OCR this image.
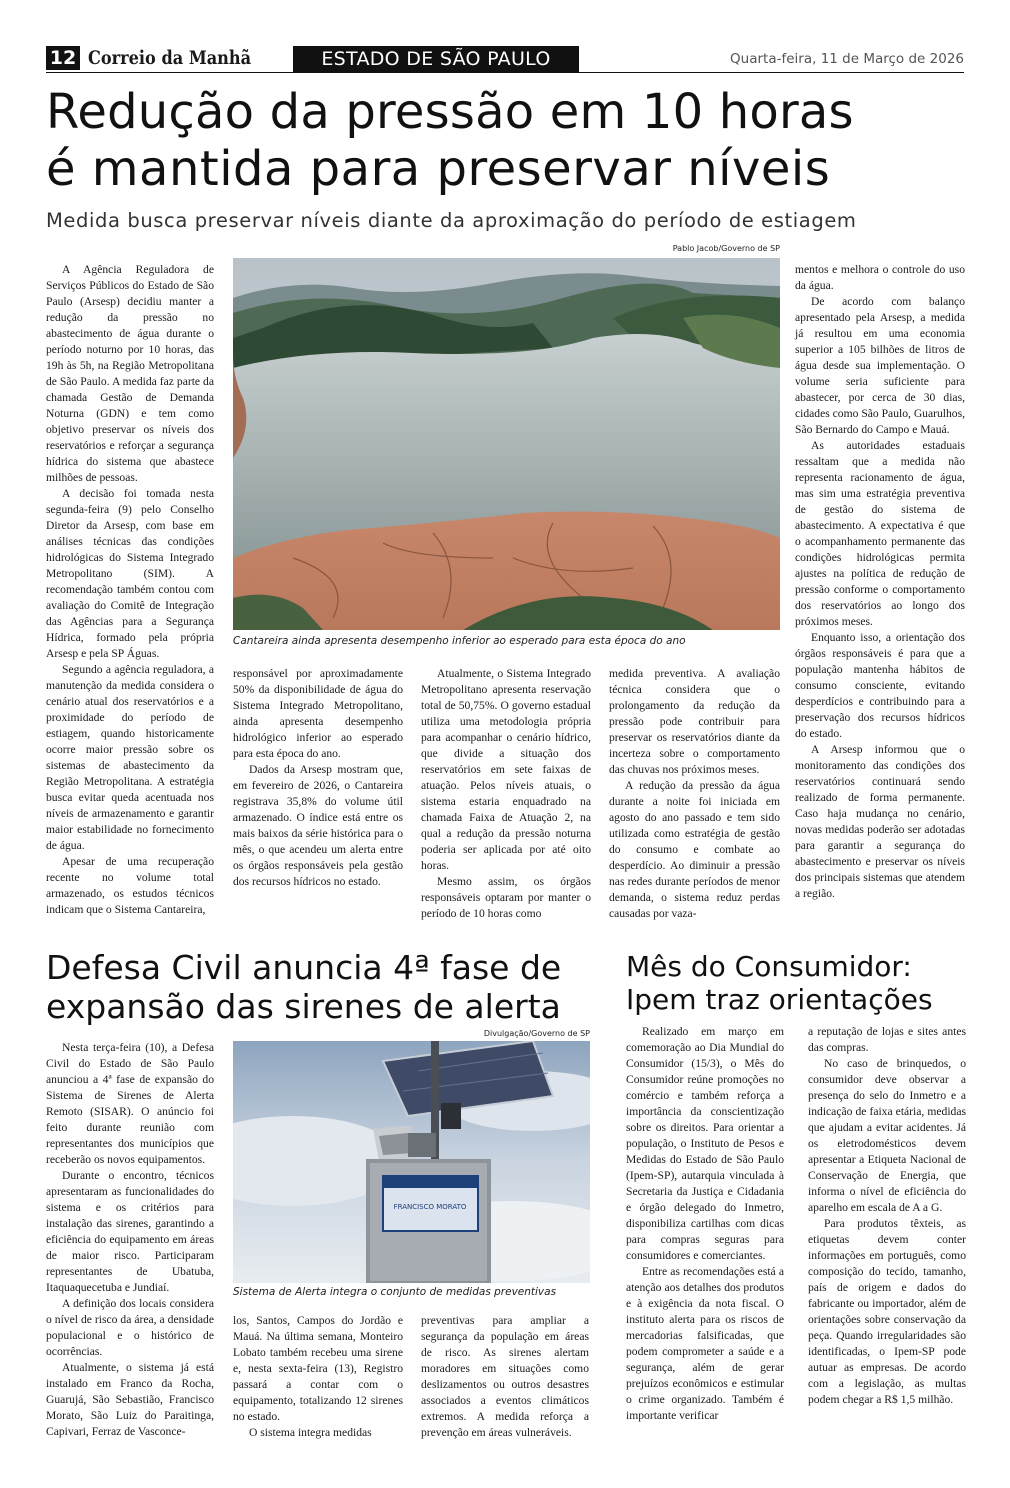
12 Correio da Manhã	ESTADO DE SÃO PAULO	Quarta-feira, 11 de Março de 2026
Redução da pressão em 10 horas
é mantida para preservar níveis
Medida busca preservar níveis diante da aproximação do período de estiagem
Pablo Jacob/Governo de SP
Cantareira ainda apresenta desempenho inferior ao esperado para esta época do ano

A Agência Reguladora de Serviços Públicos do Estado de São Paulo (Arsesp) decidiu manter a redução da pressão no abastecimento de água durante o período noturno por 10 horas, das 19h às 5h, na Região Metropolitana de São Paulo. A medida faz parte da chamada Gestão de Demanda Noturna (GDN) e tem como objetivo preservar os níveis dos reservatórios e reforçar a segurança hídrica do sistema que abastece milhões de pessoas.

A decisão foi tomada nesta segunda-feira (9) pelo Conselho Diretor da Arsesp, com base em análises técnicas das condições hidrológicas do Sistema Integrado Metropolitano (SIM). A recomendação também contou com avaliação do Comitê de Integração das Agências para a Segurança Hídrica, formado pela própria Arsesp e pela SP Águas.

Segundo a agência reguladora, a manutenção da medida considera o cenário atual dos reservatórios e a proximidade do período de estiagem, quando historicamente ocorre maior pressão sobre os sistemas de abastecimento da Região Metropolitana. A estratégia busca evitar queda acentuada nos níveis de armazenamento e garantir maior estabilidade no fornecimento de água.

Apesar de uma recuperação recente no volume total armazenado, os estudos técnicos indicam que o Sistema Cantareira,

responsável por aproximadamente 50% da disponibilidade de água do Sistema Integrado Metropolitano, ainda apresenta desempenho hidrológico inferior ao esperado para esta época do ano.

Dados da Arsesp mostram que, em fevereiro de 2026, o Cantareira registrava 35,8% do volume útil armazenado. O índice está entre os mais baixos da série histórica para o mês, o que acendeu um alerta entre os órgãos responsáveis pela gestão dos recursos hídricos no estado.

Atualmente, o Sistema Integrado Metropolitano apresenta reservação total de 50,75%. O governo estadual utiliza uma metodologia própria para acompanhar o cenário hídrico, que divide a situação dos reservatórios em sete faixas de atuação. Pelos níveis atuais, o sistema estaria enquadrado na chamada Faixa de Atuação 2, na qual a redução da pressão noturna poderia ser aplicada por até oito horas.

Mesmo assim, os órgãos responsáveis optaram por manter o período de 10 horas como

medida preventiva. A avaliação técnica considera que o prolongamento da redução da pressão pode contribuir para preservar os reservatórios diante da incerteza sobre o comportamento das chuvas nos próximos meses.

A redução da pressão da água durante a noite foi iniciada em agosto do ano passado e tem sido utilizada como estratégia de gestão do consumo e combate ao desperdício. Ao diminuir a pressão nas redes durante períodos de menor demanda, o sistema reduz perdas causadas por vaza-

mentos e melhora o controle do uso da água.

De acordo com balanço apresentado pela Arsesp, a medida já resultou em uma economia superior a 105 bilhões de litros de água desde sua implementação. O volume seria suficiente para abastecer, por cerca de 30 dias, cidades como São Paulo, Guarulhos, São Bernardo do Campo e Mauá.

As autoridades estaduais ressaltam que a medida não representa racionamento de água, mas sim uma estratégia preventiva de gestão do sistema de abastecimento. A expectativa é que o acompanhamento permanente das condições hidrológicas permita ajustes na política de redução de pressão conforme o comportamento dos reservatórios ao longo dos próximos meses.

Enquanto isso, a orientação dos órgãos responsáveis é para que a população mantenha hábitos de consumo consciente, evitando desperdícios e contribuindo para a preservação dos recursos hídricos do estado.

A Arsesp informou que o monitoramento das condições dos reservatórios continuará sendo realizado de forma permanente. Caso haja mudança no cenário, novas medidas poderão ser adotadas para garantir a segurança do abastecimento e preservar os níveis dos principais sistemas que atendem a região.

Defesa Civil anuncia 4ª fase de
expansão das sirenes de alerta
Divulgação/Governo de SP
FRANCISCO MORATO
Sistema de Alerta integra o conjunto de medidas preventivas

Nesta terça-feira (10), a Defesa Civil do Estado de São Paulo anunciou a 4ª fase de expansão do Sistema de Sirenes de Alerta Remoto (SISAR). O anúncio foi feito durante reunião com representantes dos municípios que receberão os novos equipamentos.

Durante o encontro, técnicos apresentaram as funcionalidades do sistema e os critérios para instalação das sirenes, garantindo a eficiência do equipamento em áreas de maior risco. Participaram representantes de Ubatuba, Itaquaquecetuba e Jundiaí.

A definição dos locais considera o nível de risco da área, a densidade populacional e o histórico de ocorrências.

Atualmente, o sistema já está instalado em Franco da Rocha, Guarujá, São Sebastião, Francisco Morato, São Luiz do Paraitinga, Capivari, Ferraz de Vasconce-

los, Santos, Campos do Jordão e Mauá. Na última semana, Monteiro Lobato também recebeu uma sirene e, nesta sexta-feira (13), Registro passará a contar com o equipamento, totalizando 12 sirenes no estado.

O sistema integra medidas

preventivas para ampliar a segurança da população em áreas de risco. As sirenes alertam moradores em situações como deslizamentos ou outros desastres associados a eventos climáticos extremos. A medida reforça a prevenção em áreas vulneráveis.

Mês do Consumidor:
Ipem traz orientações

Realizado em março em comemoração ao Dia Mundial do Consumidor (15/3), o Mês do Consumidor reúne promoções no comércio e também reforça a importância da conscientização sobre os direitos. Para orientar a população, o Instituto de Pesos e Medidas do Estado de São Paulo (Ipem-SP), autarquia vinculada à Secretaria da Justiça e Cidadania e órgão delegado do Inmetro, disponibiliza cartilhas com dicas para compras seguras para consumidores e comerciantes.

Entre as recomendações está a atenção aos detalhes dos produtos e à exigência da nota fiscal. O instituto alerta para os riscos de mercadorias falsificadas, que podem comprometer a saúde e a segurança, além de gerar prejuízos econômicos e estimular o crime organizado. Também é importante verificar

a reputação de lojas e sites antes das compras.

No caso de brinquedos, o consumidor deve observar a presença do selo do Inmetro e a indicação de faixa etária, medidas que ajudam a evitar acidentes. Já os eletrodomésticos devem apresentar a Etiqueta Nacional de Conservação de Energia, que informa o nível de eficiência do aparelho em escala de A a G.

Para produtos têxteis, as etiquetas devem conter informações em português, como composição do tecido, tamanho, país de origem e dados do fabricante ou importador, além de orientações sobre conservação da peça. Quando irregularidades são identificadas, o Ipem-SP pode autuar as empresas. De acordo com a legislação, as multas podem chegar a R$ 1,5 milhão.
